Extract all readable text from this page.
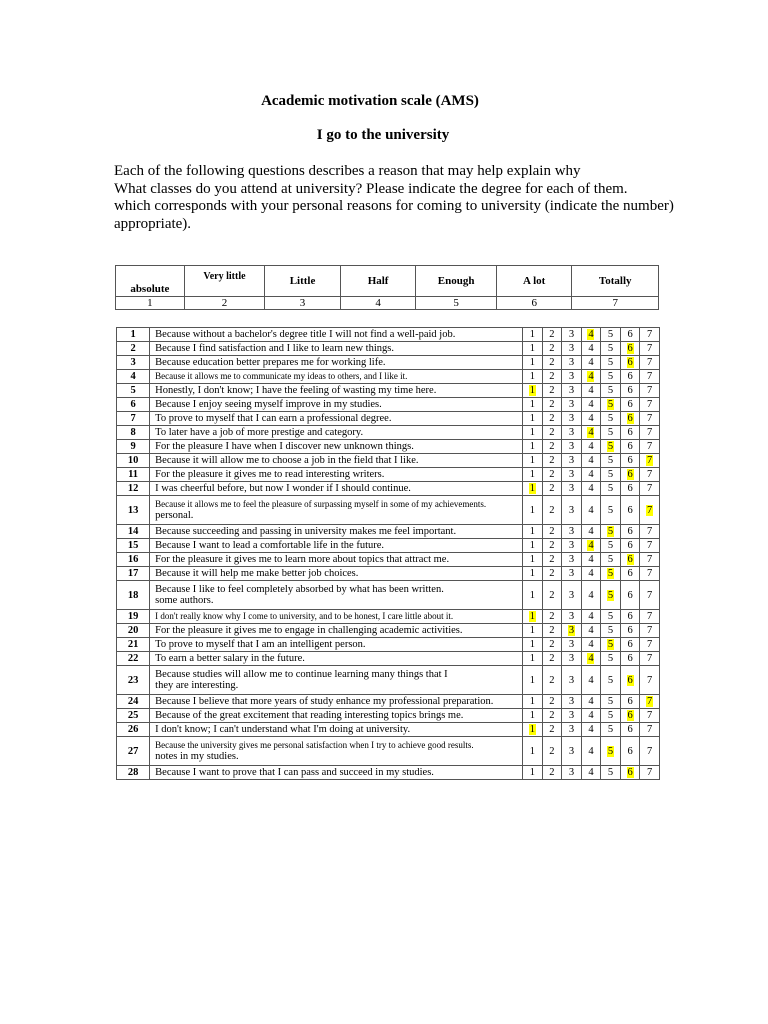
Academic motivation scale (AMS)
I go to the university
Each of the following questions describes a reason that may help explain why
What classes do you attend at university? Please indicate the degree for each of them.
which corresponds with your personal reasons for coming to university (indicate the number)
appropriate).
absolute	Very little	Little	Half	Enough	A lot	Totally
1	2	3	4	5	6	7
1	Because without a bachelor's degree title I will not find a well-paid job.	1	2	3	4	5	6	7
2	Because I find satisfaction and I like to learn new things.	1	2	3	4	5	6	7
3	Because education better prepares me for working life.	1	2	3	4	5	6	7
4	Because it allows me to communicate my ideas to others, and I like it.	1	2	3	4	5	6	7
5	Honestly, I don't know; I have the feeling of wasting my time here.	1	2	3	4	5	6	7
6	Because I enjoy seeing myself improve in my studies.	1	2	3	4	5	6	7
7	To prove to myself that I can earn a professional degree.	1	2	3	4	5	6	7
8	To later have a job of more prestige and category.	1	2	3	4	5	6	7
9	For the pleasure I have when I discover new unknown things.	1	2	3	4	5	6	7
10	Because it will allow me to choose a job in the field that I like.	1	2	3	4	5	6	7
11	For the pleasure it gives me to read interesting writers.	1	2	3	4	5	6	7
12	I was cheerful before, but now I wonder if I should continue.	1	2	3	4	5	6	7
13	Because it allows me to feel the pleasure of surpassing myself in some of my achievements.
personal.	1	2	3	4	5	6	7
14	Because succeeding and passing in university makes me feel important.	1	2	3	4	5	6	7
15	Because I want to lead a comfortable life in the future.	1	2	3	4	5	6	7
16	For the pleasure it gives me to learn more about topics that attract me.	1	2	3	4	5	6	7
17	Because it will help me make better job choices.	1	2	3	4	5	6	7
18	Because I like to feel completely absorbed by what has been written.
some authors.	1	2	3	4	5	6	7
19	I don't really know why I come to university, and to be honest, I care little about it.	1	2	3	4	5	6	7
20	For the pleasure it gives me to engage in challenging academic activities.	1	2	3	4	5	6	7
21	To prove to myself that I am an intelligent person.	1	2	3	4	5	6	7
22	To earn a better salary in the future.	1	2	3	4	5	6	7
23	Because studies will allow me to continue learning many things that I
they are interesting.	1	2	3	4	5	6	7
24	Because I believe that more years of study enhance my professional preparation.	1	2	3	4	5	6	7
25	Because of the great excitement that reading interesting topics brings me.	1	2	3	4	5	6	7
26	I don't know; I can't understand what I'm doing at university.	1	2	3	4	5	6	7
27	Because the university gives me personal satisfaction when I try to achieve good results.
notes in my studies.	1	2	3	4	5	6	7
28	Because I want to prove that I can pass and succeed in my studies.	1	2	3	4	5	6	7
